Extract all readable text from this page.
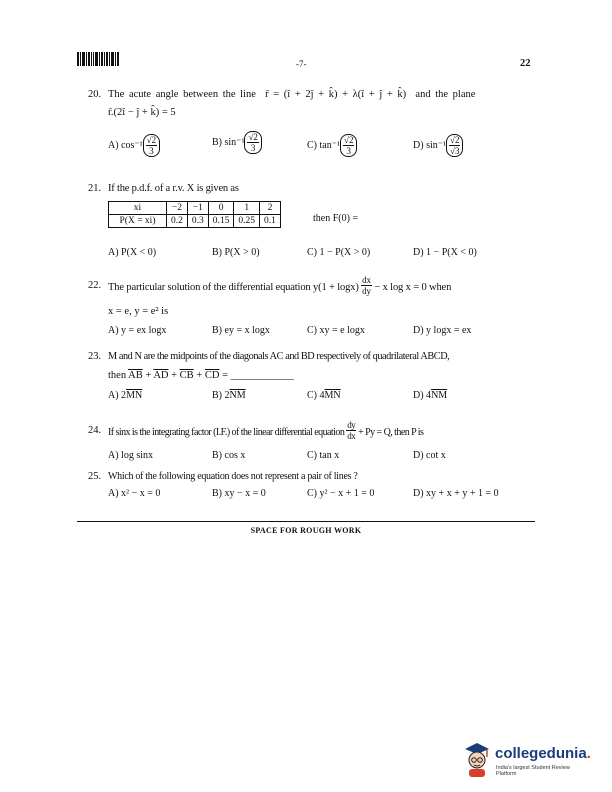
-7-	22
20. The acute angle between the line r̄ = (î + 2ĵ + k̂) + λ(î + ĵ + k̂) and the plane
r̄.(2î − ĵ + k̂) = 5
A) $\cos^{-1} \frac{√2}{3}$	B) $\sin^{-1} \frac{√2}{3}$	C) $\tan^{-1} \frac{√2}{3}$	D) $\sin^{-1} \frac{√2}{√3}$
21. If the p.d.f. of a r.v. X is given as
xi	−2	−1	0	1	2
P(X = xi)	0.2	0.3	0.15	0.25	0.1	then F(0) =
A) P(X < 0)	B) P(X > 0)	C) 1 − P(X > 0)	D) 1 − P(X < 0)
22. The particular solution of the differential equation $y(1 + \log x) \frac{dx}{dy} - x$ log x = 0 when
x = e, y = e² is
A) y = ex logx	B) ey = x logx	C) xy = e logx	D) y logx = ex
23. M and N are the midpoints of the diagonals AC and BD respectively of quadrilateral ABCD,
then $\overline{AB} + \overline{AD} + \overline{CB} + \overline{CD}$ = ____________
A) $2\overline{MN}$	B) $2\overline{NM}$	C) $4\overline{MN}$	D) $4\overline{NM}$
24. If sinx is the integrating factor (I.F.) of the linear differential equation $\frac{dy}{dx} + Py = Q$, then P is
A) log sinx	B) cos x	C) tan x	D) cot x
25. Which of the following equation does not represent a pair of lines ?
A) x² − x = 0	B) xy − x = 0	C) y² − x + 1 = 0	D) xy + x + y + 1 = 0
SPACE FOR ROUGH WORK
collegedunia.
India's largest Student Review Platform
